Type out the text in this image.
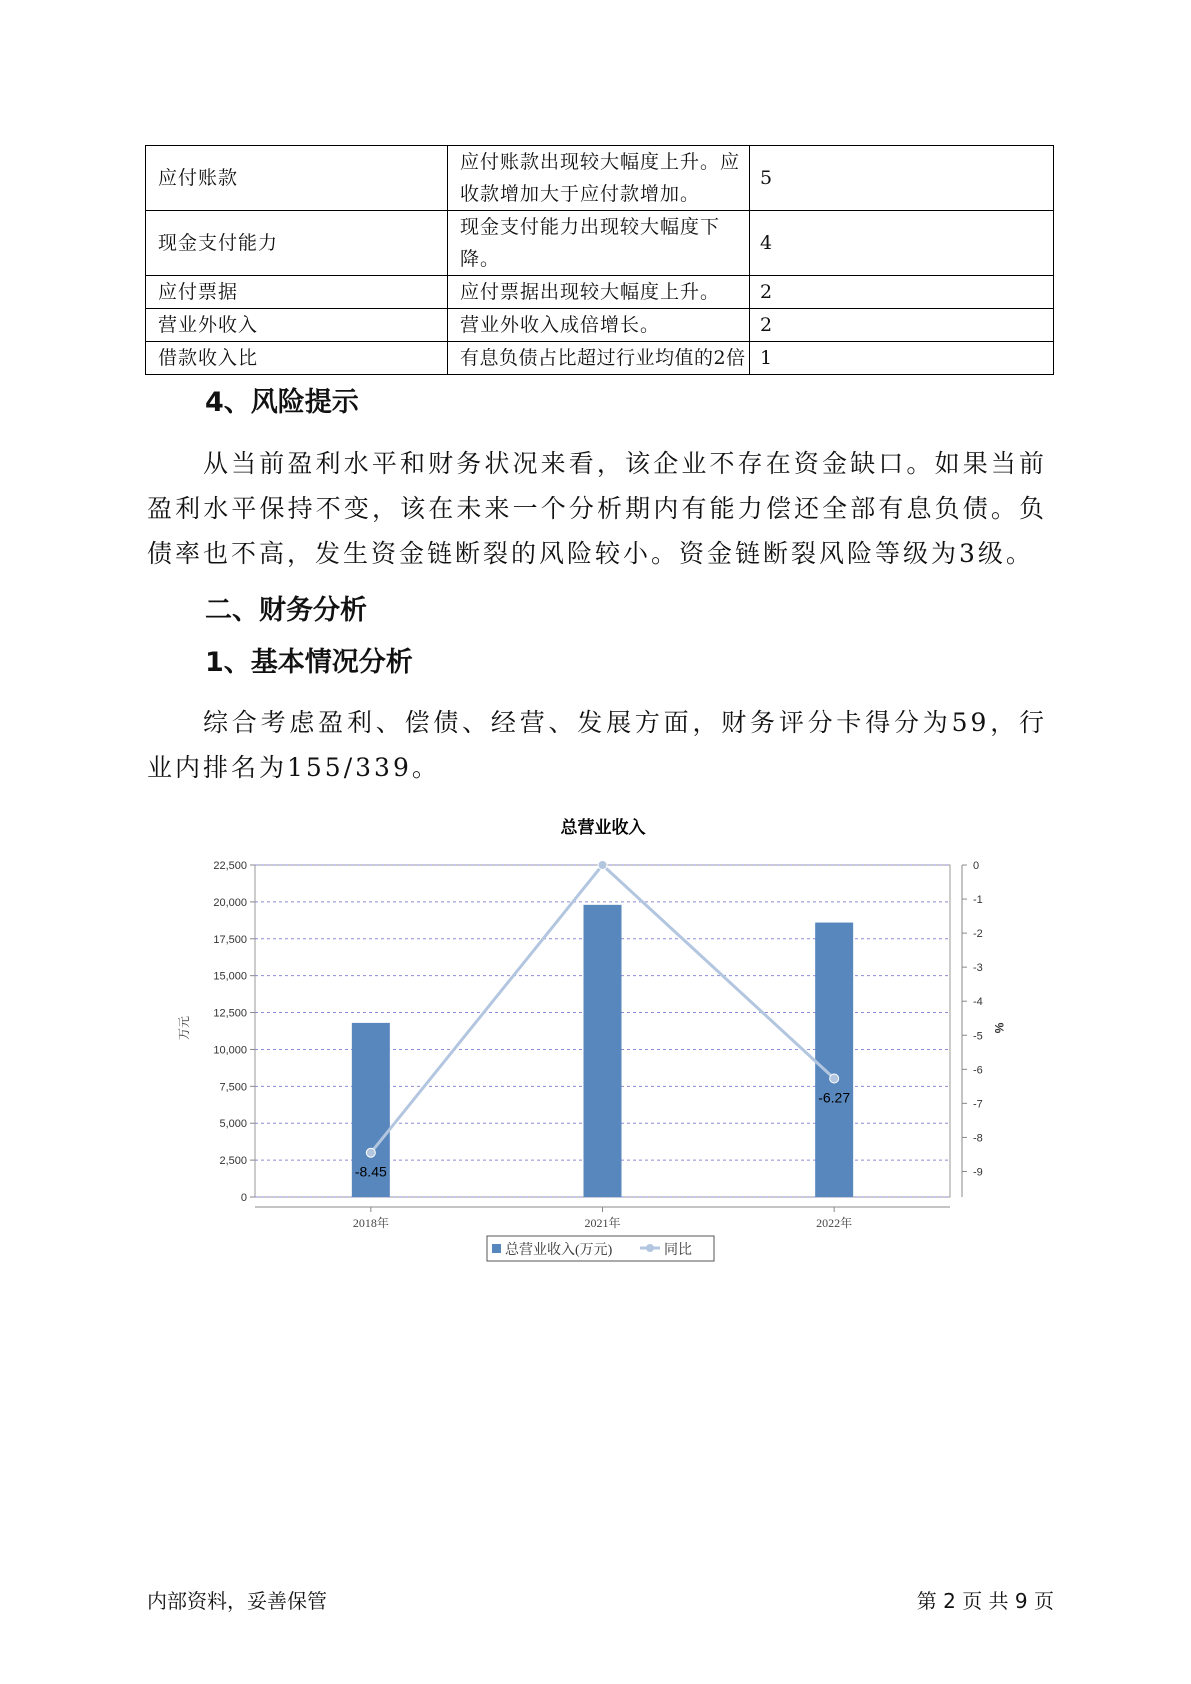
应付账款	应付账款出现较大幅度上升。应收款增加大于应付款增加。	5
现金支付能力	现金支付能力出现较大幅度下降。	4
应付票据	应付票据出现较大幅度上升。	2
营业外收入	营业外收入成倍增长。	2
借款收入比	有息负债占比超过行业均值的2倍	1
4、风险提示

从当前盈利水平和财务状况来看，该企业不存在资金缺口。如果当前盈利水平保持不变，该在未来一个分析期内有能力偿还全部有息负债。负债率也不高，发生资金链断裂的风险较小。资金链断裂风险等级为3级。

二、财务分析
1、基本情况分析

综合考虑盈利、偿债、经营、发展方面，财务评分卡得分为59，行业内排名为155/339。

总营业收入
0
2,500
5,000
7,500
10,000
12,500
15,000
17,500
20,000
22,500	0
-1
-2
-3
-4
-5
-6
-7
-8
-9
万元	%
2018年	2021年	2022年
-8.45
-6.27
总营业收入(万元)	同比
内部资料，妥善保管	第 2 页 共 9 页
